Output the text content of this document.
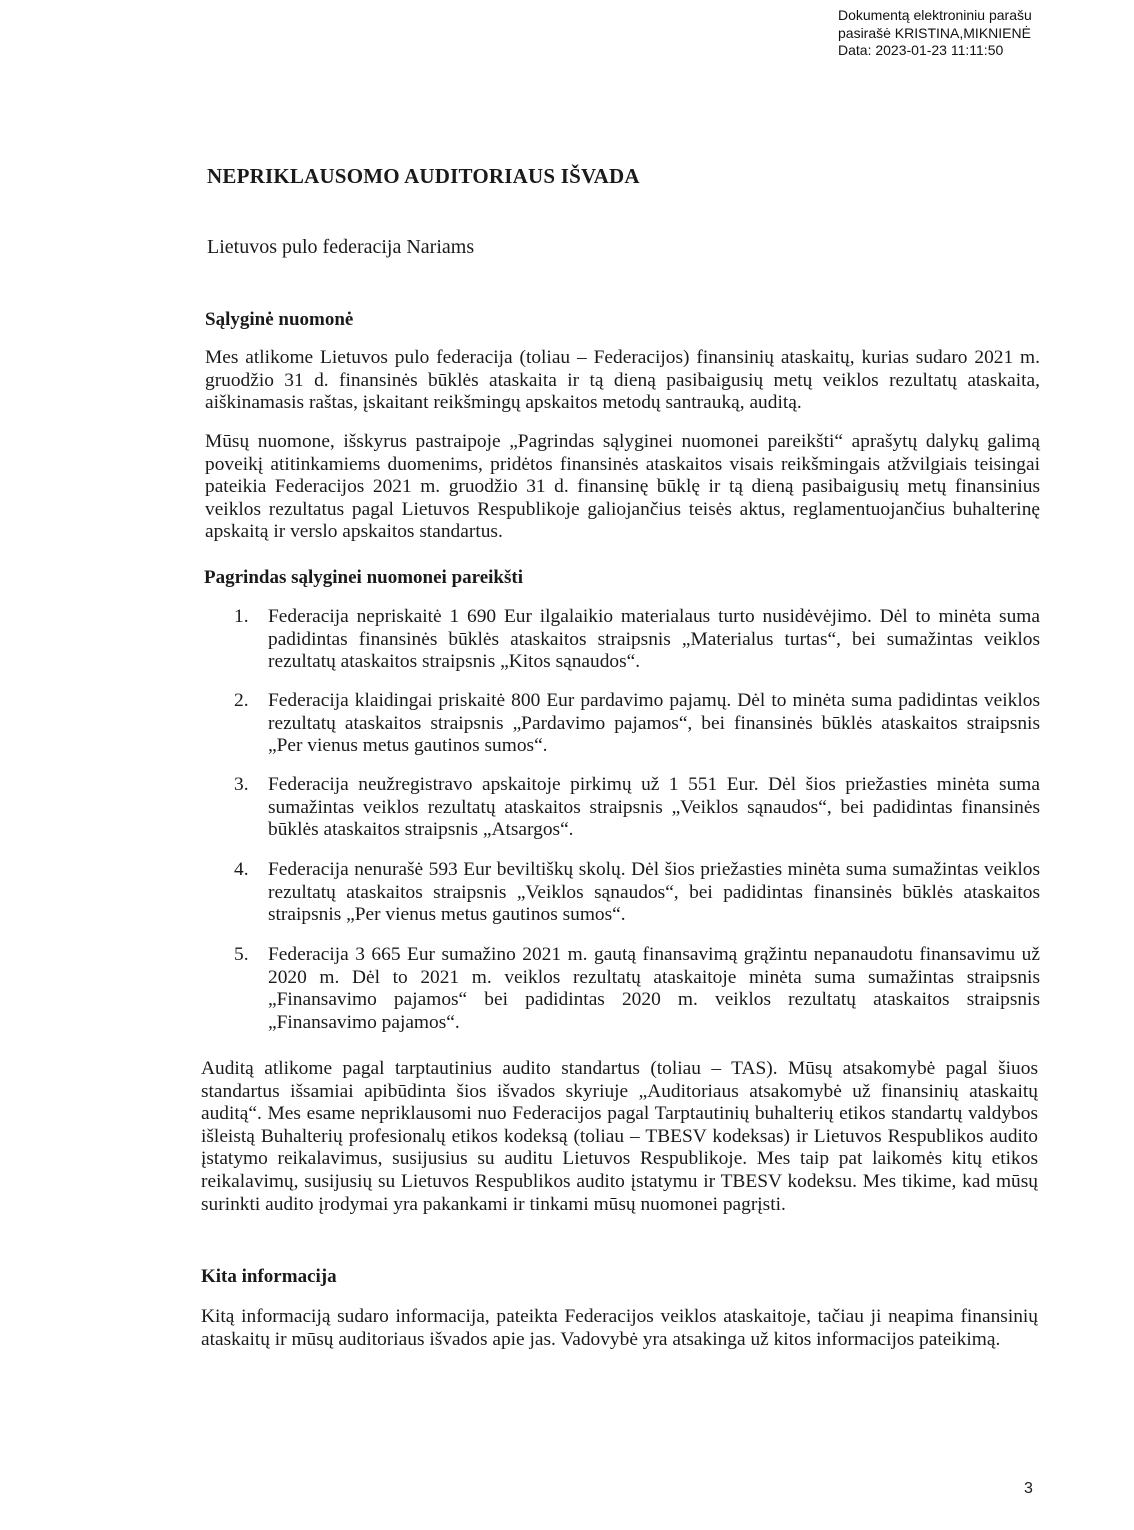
Dokumentą elektroniniu parašu
pasirašė KRISTINA,MIKNIENĖ
Data: 2023-01-23 11:11:50
NEPRIKLAUSOMO AUDITORIAUS IŠVADA
Lietuvos pulo federacija Nariams
Sąlyginė nuomonė

Mes atlikome Lietuvos pulo federacija (toliau – Federacijos) finansinių ataskaitų, kurias sudaro 2021 m. gruodžio 31 d. finansinės būklės ataskaita ir tą dieną pasibaigusių metų veiklos rezultatų ataskaita, aiškinamasis raštas, įskaitant reikšmingų apskaitos metodų santrauką, auditą.

Mūsų nuomone, išskyrus pastraipoje „Pagrindas sąlyginei nuomonei pareikšti“ aprašytų dalykų galimą poveikį atitinkamiems duomenims, pridėtos finansinės ataskaitos visais reikšmingais atžvilgiais teisingai pateikia Federacijos 2021 m. gruodžio 31 d. finansinę būklę ir tą dieną pasibaigusių metų finansinius veiklos rezultatus pagal Lietuvos Respublikoje galiojančius teisės aktus, reglamentuojančius buhalterinę apskaitą ir verslo apskaitos standartus.

Pagrindas sąlyginei nuomonei pareikšti
1.	Federacija nepriskaitė 1 690 Eur ilgalaikio materialaus turto nusidėvėjimo. Dėl to minėta suma padidintas finansinės būklės ataskaitos straipsnis „Materialus turtas“, bei sumažintas veiklos rezultatų ataskaitos straipsnis „Kitos sąnaudos“.
2.	Federacija klaidingai priskaitė 800 Eur pardavimo pajamų. Dėl to minėta suma padidintas veiklos rezultatų ataskaitos straipsnis „Pardavimo pajamos“, bei finansinės būklės ataskaitos straipsnis „Per vienus metus gautinos sumos“.
3.	Federacija neužregistravo apskaitoje pirkimų už 1 551 Eur. Dėl šios priežasties minėta suma sumažintas veiklos rezultatų ataskaitos straipsnis „Veiklos sąnaudos“, bei padidintas finansinės būklės ataskaitos straipsnis „Atsargos“.
4.	Federacija nenurašė 593 Eur beviltiškų skolų. Dėl šios priežasties minėta suma sumažintas veiklos rezultatų ataskaitos straipsnis „Veiklos sąnaudos“, bei padidintas finansinės būklės ataskaitos straipsnis „Per vienus metus gautinos sumos“.
5.	Federacija 3 665 Eur sumažino 2021 m. gautą finansavimą grąžintu nepanaudotu finansavimu už 2020 m. Dėl to 2021 m. veiklos rezultatų ataskaitoje minėta suma sumažintas straipsnis „Finansavimo pajamos“ bei padidintas 2020 m. veiklos rezultatų ataskaitos straipsnis „Finansavimo pajamos“.

Auditą atlikome pagal tarptautinius audito standartus (toliau – TAS). Mūsų atsakomybė pagal šiuos standartus išsamiai apibūdinta šios išvados skyriuje „Auditoriaus atsakomybė už finansinių ataskaitų auditą“. Mes esame nepriklausomi nuo Federacijos pagal Tarptautinių buhalterių etikos standartų valdybos išleistą Buhalterių profesionalų etikos kodeksą (toliau – TBESV kodeksas) ir Lietuvos Respublikos audito įstatymo reikalavimus, susijusius su auditu Lietuvos Respublikoje. Mes taip pat laikomės kitų etikos reikalavimų, susijusių su Lietuvos Respublikos audito įstatymu ir TBESV kodeksu. Mes tikime, kad mūsų surinkti audito įrodymai yra pakankami ir tinkami mūsų nuomonei pagrįsti.

Kita informacija

Kitą informaciją sudaro informacija, pateikta Federacijos veiklos ataskaitoje, tačiau ji neapima finansinių ataskaitų ir mūsų auditoriaus išvados apie jas. Vadovybė yra atsakinga už kitos informacijos pateikimą.

3
